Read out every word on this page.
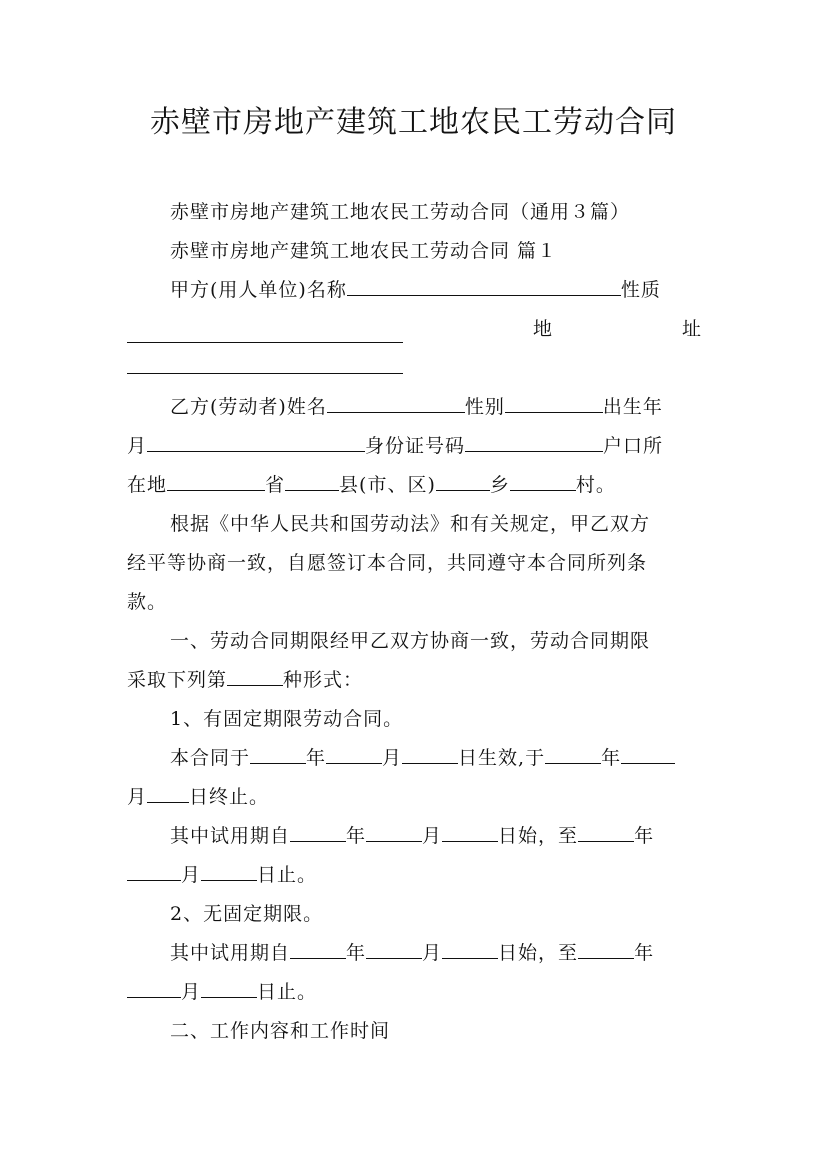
赤壁市房地产建筑工地农民工劳动合同
赤壁市房地产建筑工地农民工劳动合同（通用３篇）
赤壁市房地产建筑工地农民工劳动合同 篇１
甲方(用人单位)名称	性质
地	址
乙方(劳动者)姓名	性别	出生年
月	身份证号码	户口所
在地	省	县(市、区)	乡	村。
根据《中华人民共和国劳动法》和有关规定，甲乙双方
经平等协商一致，自愿签订本合同，共同遵守本合同所列条
款。
一、劳动合同期限经甲乙双方协商一致，劳动合同期限
采取下列第	种形式：
1、有固定期限劳动合同。
本合同于	年	月	日生效,于	年
月 日终止。
其中试用期自	年	月	日始，至	年
月	日止。
2、无固定期限。
其中试用期自	年	月	日始，至	年
月	日止。
二、工作内容和工作时间
